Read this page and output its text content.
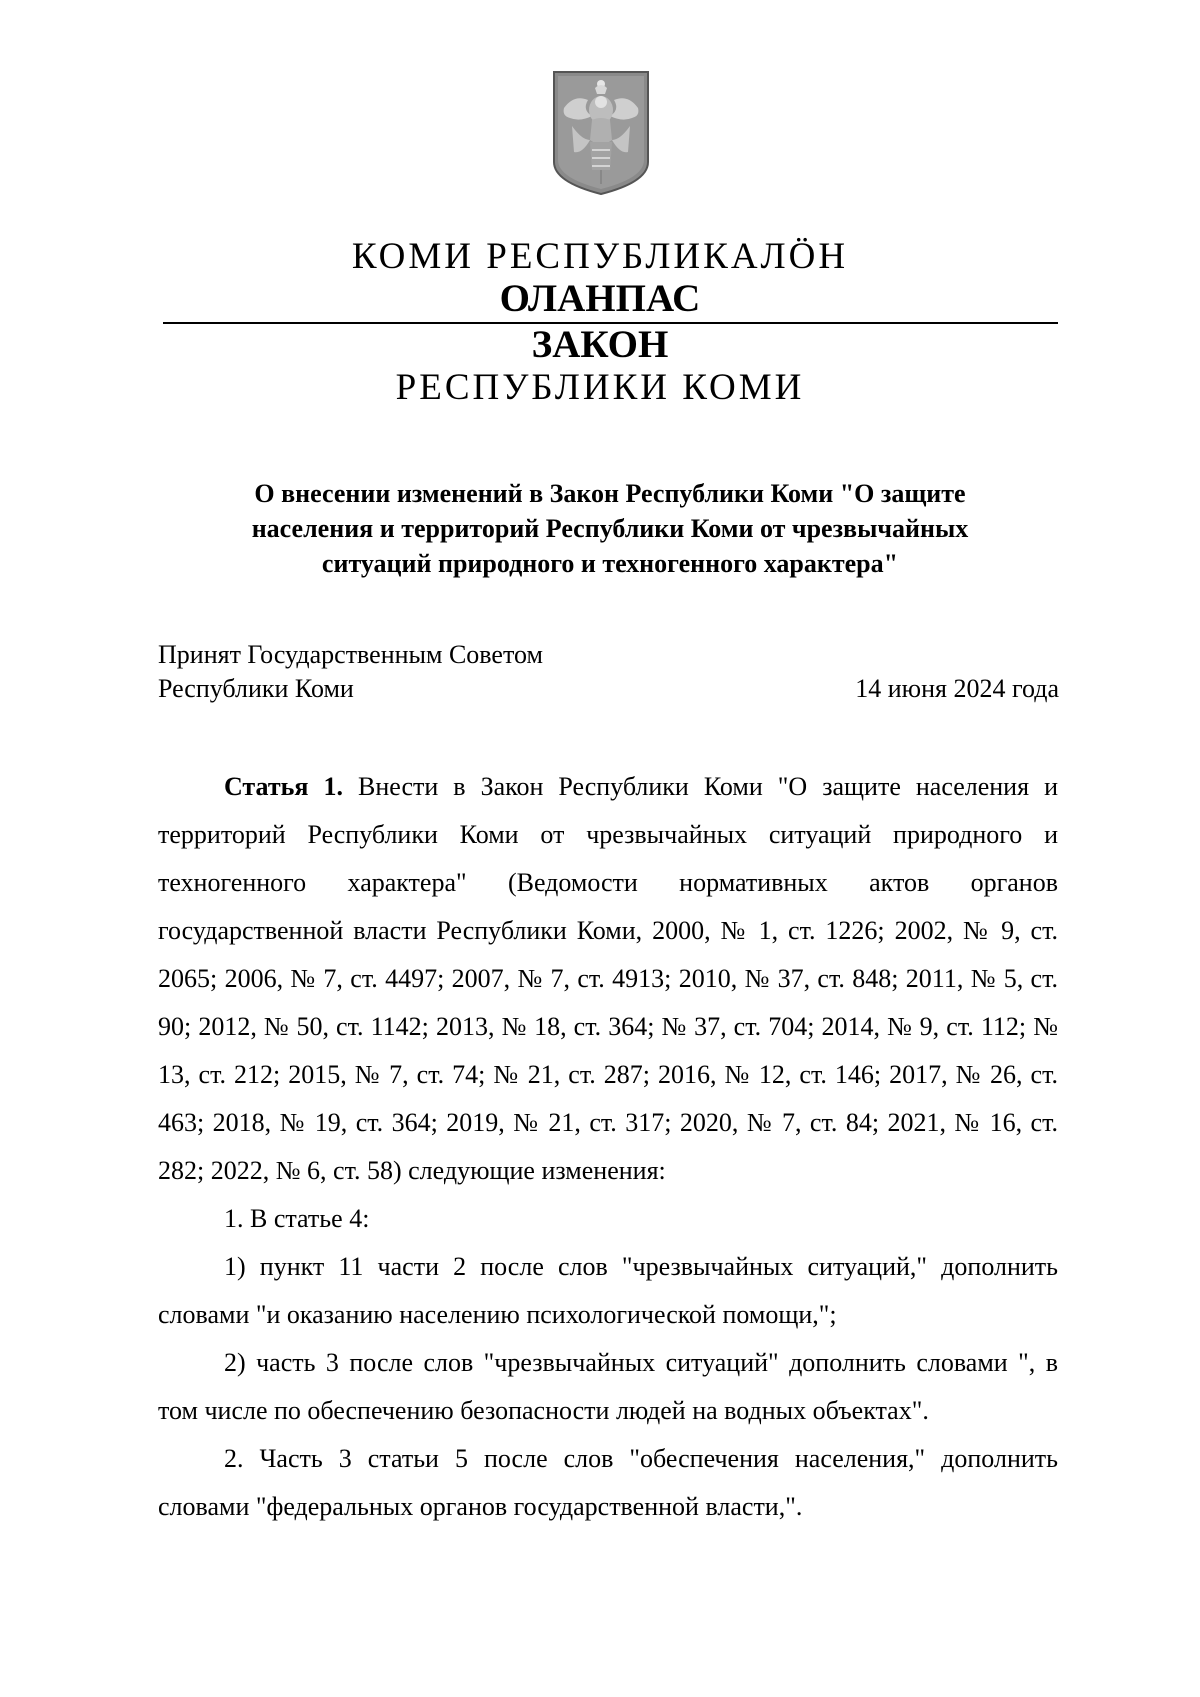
КОМИ РЕСПУБЛИКАЛӦН
ОЛАНПАС
ЗАКОН
РЕСПУБЛИКИ КОМИ
О внесении изменений в Закон Республики Коми "О защите
населения и территорий Республики Коми от чрезвычайных
ситуаций природного и техногенного характера"
Принят Государственным Советом
Республики Коми	14 июня 2024 года

Статья 1. Внести в Закон Республики Коми "О защите населения и территорий Республики Коми от чрезвычайных ситуаций природного и техногенного характера" (Ведомости нормативных актов органов государственной власти Республики Коми, 2000, № 1, ст. 1226; 2002, № 9, ст. 2065; 2006, № 7, ст. 4497; 2007, № 7, ст. 4913; 2010, № 37, ст. 848; 2011, № 5, ст. 90; 2012, № 50, ст. 1142; 2013, № 18, ст. 364; № 37, ст. 704; 2014, № 9, ст. 112; № 13, ст. 212; 2015, № 7, ст. 74; № 21, ст. 287; 2016, № 12, ст. 146; 2017, № 26, ст. 463; 2018, № 19, ст. 364; 2019, № 21, ст. 317; 2020, № 7, ст. 84; 2021, № 16, ст. 282; 2022, № 6, ст. 58) следующие изменения:

1. В статье 4:

1) пункт 11 части 2 после слов "чрезвычайных ситуаций," дополнить словами "и оказанию населению психологической помощи,";

2) часть 3 после слов "чрезвычайных ситуаций" дополнить словами ", в том числе по обеспечению безопасности людей на водных объектах".

2. Часть 3 статьи 5 после слов "обеспечения населения," дополнить словами "федеральных органов государственной власти,".
